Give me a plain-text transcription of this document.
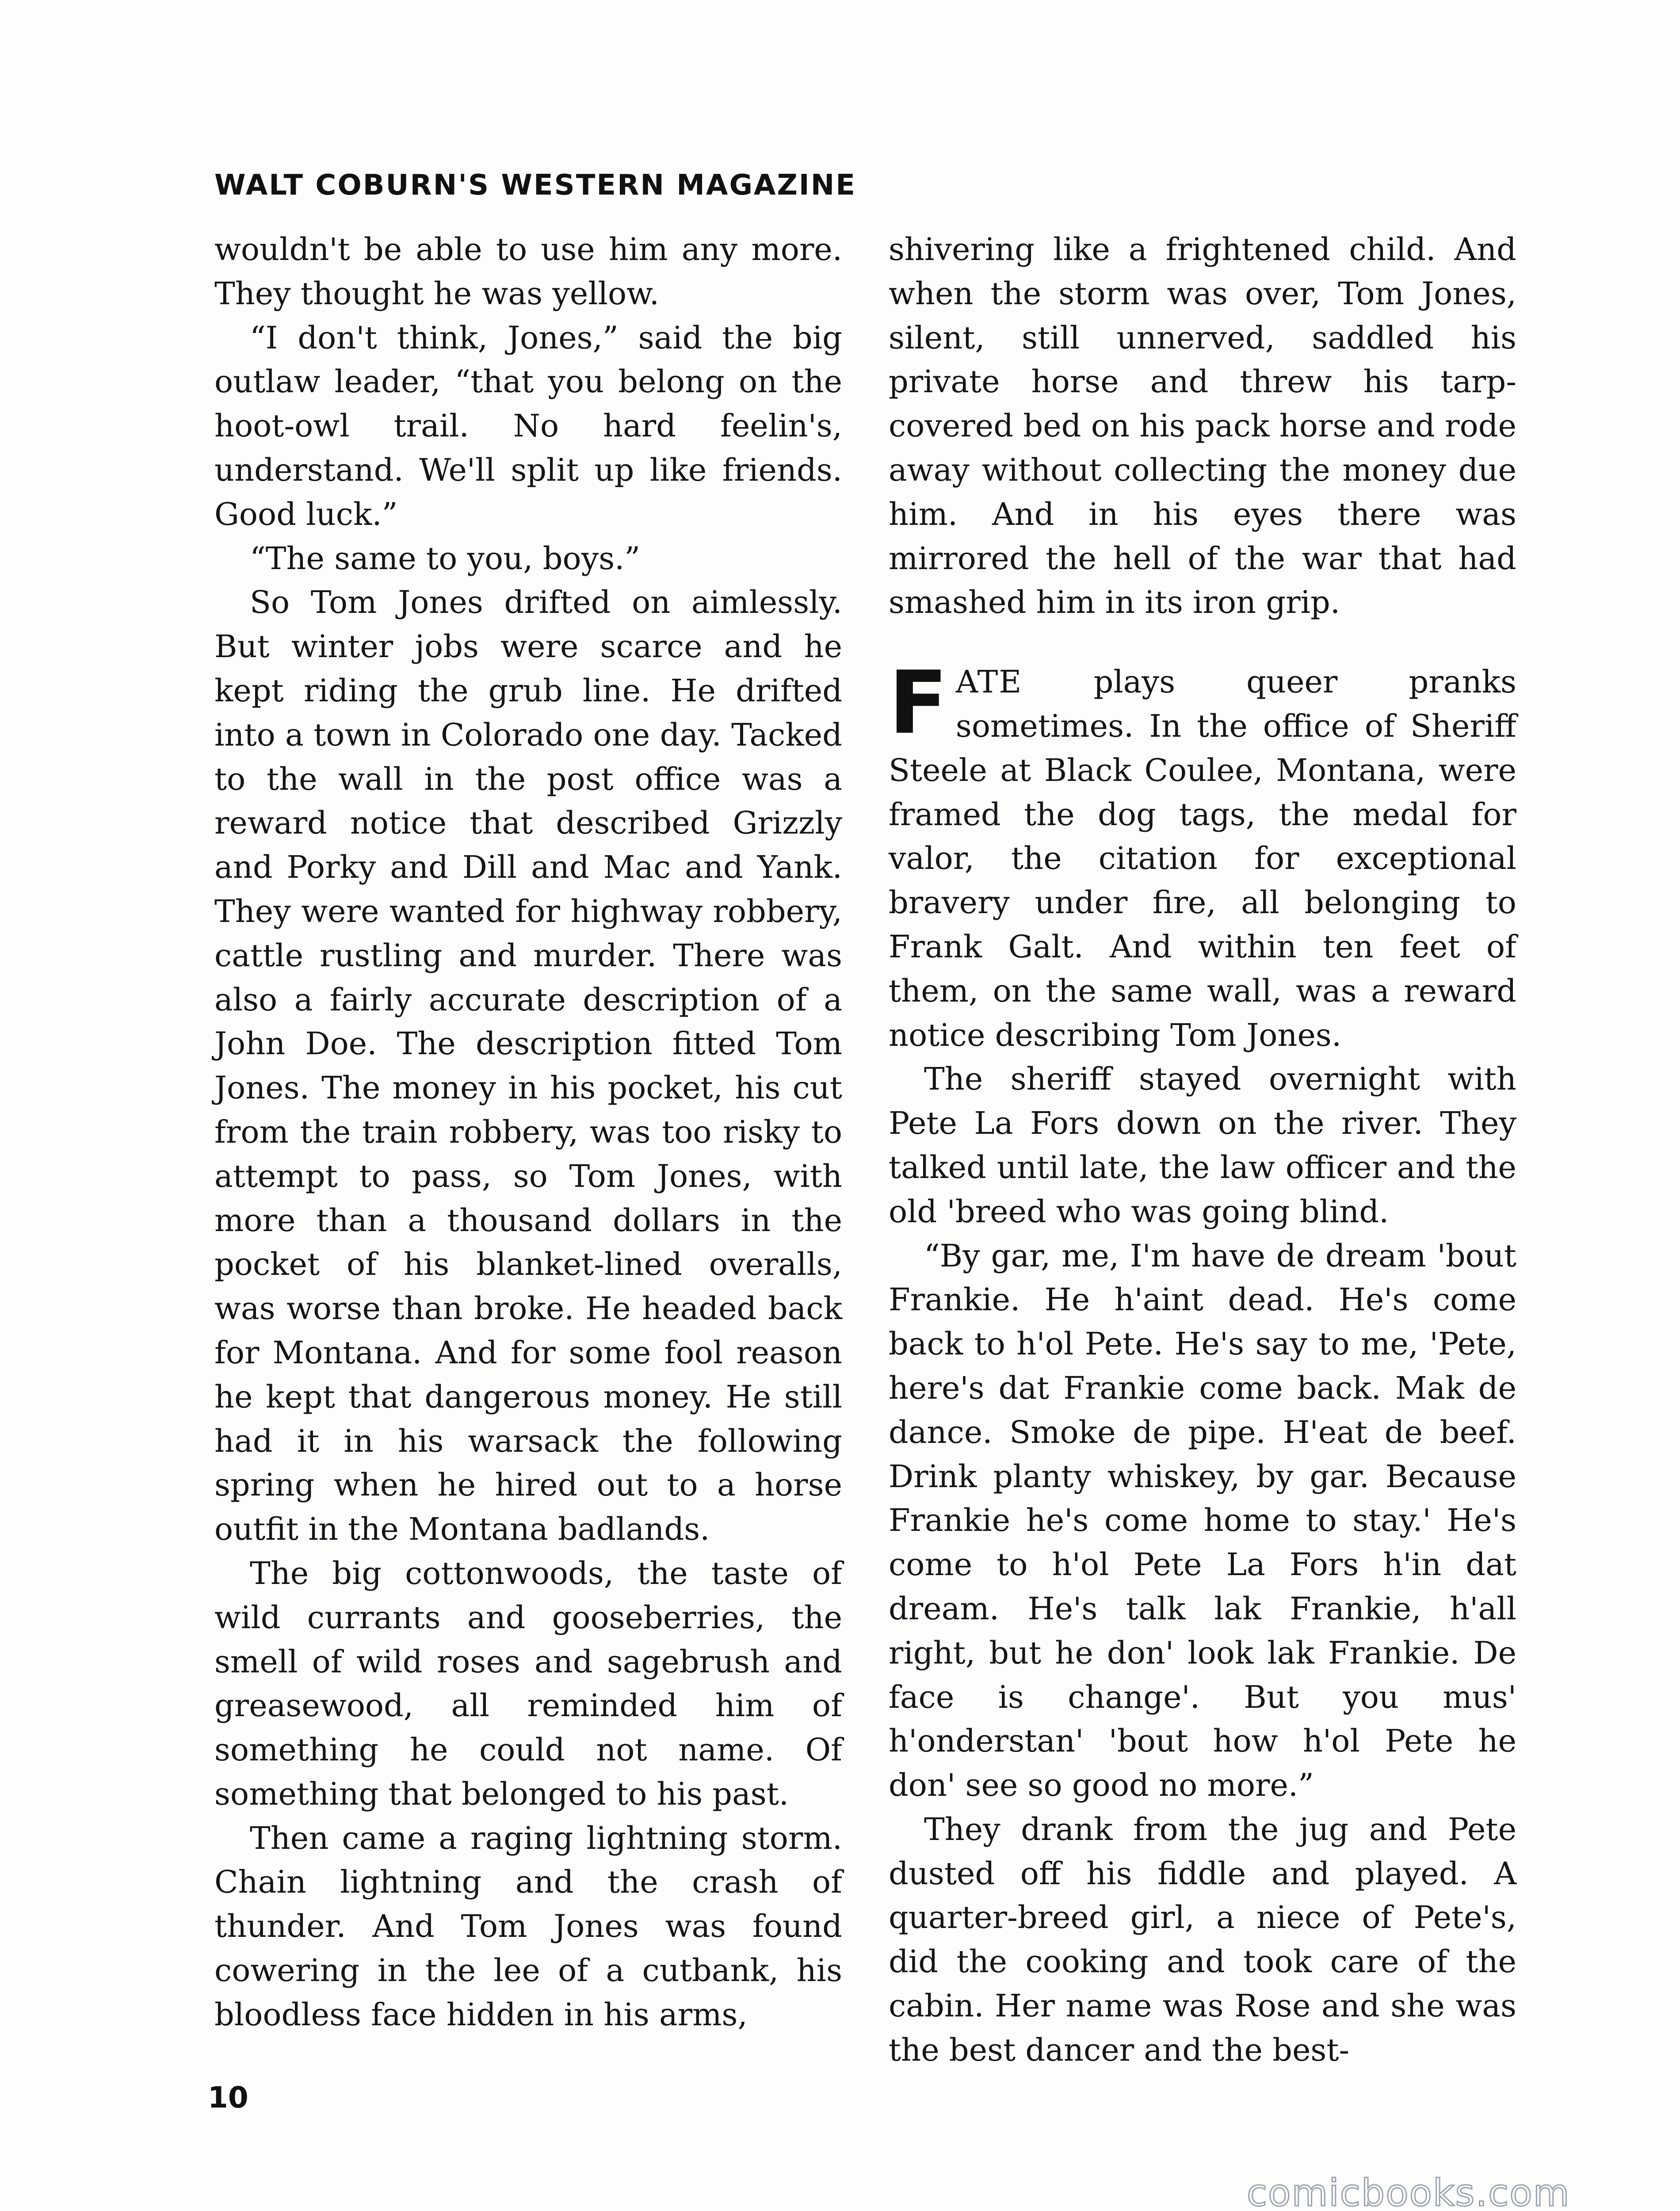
WALT COBURN'S WESTERN MAGAZINE

wouldn't be able to use him any more. They thought he was yellow.

“I don't think, Jones,” said the big outlaw leader, “that you belong on the hoot-owl trail. No hard feelin's, understand. We'll split up like friends. Good luck.”

“The same to you, boys.”

So Tom Jones drifted on aimlessly. But winter jobs were scarce and he kept riding the grub line. He drifted into a town in Colorado one day. Tacked to the wall in the post office was a reward notice that described Grizzly and Porky and Dill and Mac and Yank. They were wanted for highway robbery, cattle rustling and murder. There was also a fairly accurate description of a John Doe. The description fitted Tom Jones. The money in his pocket, his cut from the train robbery, was too risky to attempt to pass, so Tom Jones, with more than a thousand dollars in the pocket of his blanket-lined overalls, was worse than broke. He headed back for Montana. And for some fool reason he kept that dangerous money. He still had it in his warsack the following spring when he hired out to a horse outfit in the Montana badlands.

The big cottonwoods, the taste of wild currants and gooseberries, the smell of wild roses and sagebrush and greasewood, all reminded him of something he could not name. Of something that belonged to his past.

Then came a raging lightning storm. Chain lightning and the crash of thunder. And Tom Jones was found cowering in the lee of a cutbank, his bloodless face hidden in his arms,

shivering like a frightened child. And when the storm was over, Tom Jones, silent, still unnerved, saddled his private horse and threw his tarp-covered bed on his pack horse and rode away without collecting the money due him. And in his eyes there was mirrored the hell of the war that had smashed him in its iron grip.

FATE plays queer pranks sometimes. In the office of Sheriff Steele at Black Coulee, Montana, were framed the dog tags, the medal for valor, the citation for exceptional bravery under fire, all belonging to Frank Galt. And within ten feet of them, on the same wall, was a reward notice describing Tom Jones.

The sheriff stayed overnight with Pete La Fors down on the river. They talked until late, the law officer and the old 'breed who was going blind.

“By gar, me, I'm have de dream 'bout Frankie. He h'aint dead. He's come back to h'ol Pete. He's say to me, 'Pete, here's dat Frankie come back. Mak de dance. Smoke de pipe. H'eat de beef. Drink planty whiskey, by gar. Because Frankie he's come home to stay.' He's come to h'ol Pete La Fors h'in dat dream. He's talk lak Frankie, h'all right, but he don' look lak Frankie. De face is change'. But you mus' h'onderstan' 'bout how h'ol Pete he don' see so good no more.”

They drank from the jug and Pete dusted off his fiddle and played. A quarter-breed girl, a niece of Pete's, did the cooking and took care of the cabin. Her name was Rose and she was the best dancer and the best-

10
comicbooks.com
